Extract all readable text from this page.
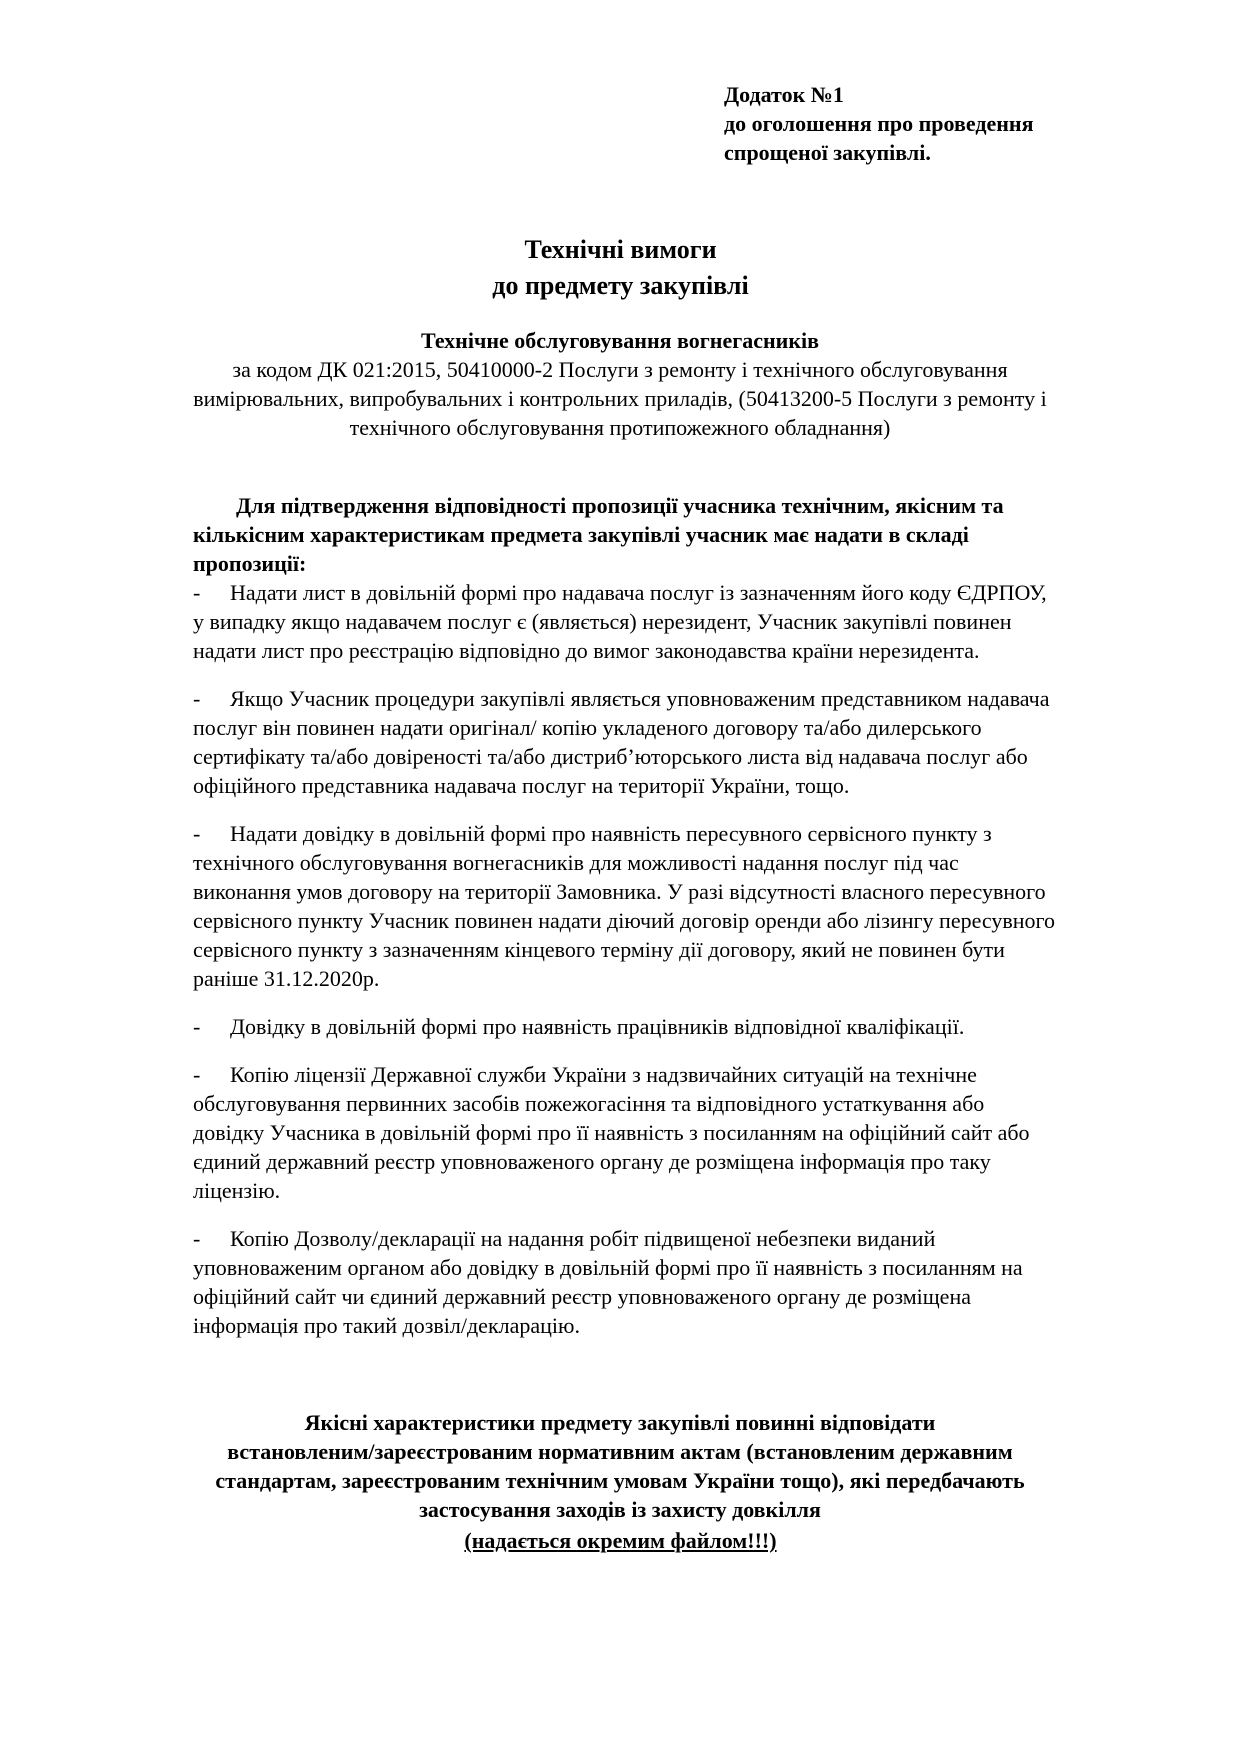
Додаток №1
до оголошення про проведення
спрощеної закупівлі.
Технічні вимоги
до предмету закупівлі
Технічне обслуговування вогнегасників
за кодом ДК 021:2015, 50410000-2 Послуги з ремонту і технічного обслуговування
вимірювальних, випробувальних і контрольних приладів, (50413200-5 Послуги з ремонту і
технічного обслуговування протипожежного обладнання)
Для підтвердження відповідності пропозиції учасника технічним, якісним та
кількісним характеристикам предмета закупівлі учасник має надати в складі
пропозиції:
-	Надати лист в довільній формі про надавача послуг із зазначенням його коду ЄДРПОУ,
у випадку якщо надавачем послуг є (являється) нерезидент, Учасник закупівлі повинен
надати лист про реєстрацію відповідно до вимог законодавства країни нерезидента.
-	Якщо Учасник процедури закупівлі являється уповноваженим представником надавача
послуг він повинен надати оригінал/ копію укладеного договору та/або дилерського
сертифікату та/або довіреності та/або дистриб’юторського листа від надавача послуг або
офіційного представника надавача послуг на території України, тощо.
-	Надати довідку в довільній формі про наявність пересувного сервісного пункту з
технічного обслуговування вогнегасників для можливості надання послуг під час
виконання умов договору на території Замовника. У разі відсутності власного пересувного
сервісного пункту Учасник повинен надати діючий договір оренди або лізингу пересувного
сервісного пункту з зазначенням кінцевого терміну дії договору, який не повинен бути
раніше 31.12.2020р.
-	Довідку в довільній формі про наявність працівників відповідної кваліфікації.
-	Копію ліцензії Державної служби України з надзвичайних ситуацій на технічне
обслуговування первинних засобів пожежогасіння та відповідного устаткування або
довідку Учасника в довільній формі про її наявність з посиланням на офіційний сайт або
єдиний державний реєстр уповноваженого органу де розміщена інформація про таку
ліцензію.
-	Копію Дозволу/декларації на надання робіт підвищеної небезпеки виданий
уповноваженим органом або довідку в довільній формі про її наявність з посиланням на
офіційний сайт чи єдиний державний реєстр уповноваженого органу де розміщена
інформація про такий дозвіл/декларацію.
Якісні характеристики предмету закупівлі повинні відповідати
встановленим/зареєстрованим нормативним актам (встановленим державним
стандартам, зареєстрованим технічним умовам України тощо), які передбачають
застосування заходів із захисту довкілля
(надається окремим файлом!!!)
